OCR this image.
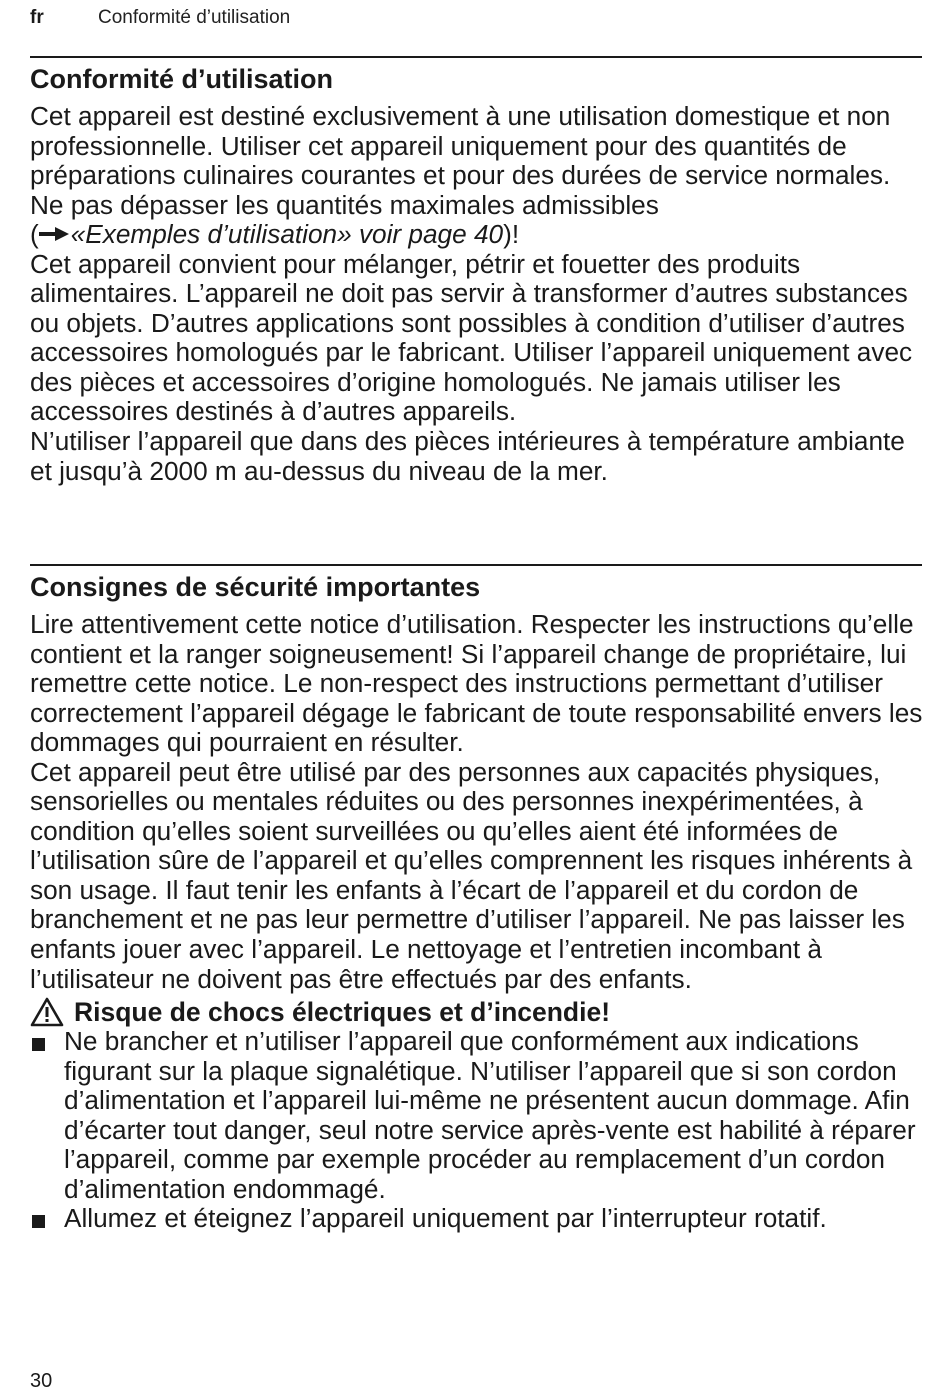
fr	Conformité d’utilisation
Conformité d’utilisation

Cet appareil est destiné exclusivement à une utilisation domestique et non professionnelle. Utiliser cet appareil uniquement pour des quantités de préparations culinaires courantes et pour des durées de service normales.

Ne pas dépasser les quantités maximales admissibles

( «Exemples d’utilisation» voir page 40)!

Cet appareil convient pour mélanger, pétrir et fouetter des produits alimentaires. L’appareil ne doit pas servir à transformer d’autres substances ou objets. D’autres applications sont possibles à condition d’utiliser d’autres accessoires homologués par le fabricant. Utiliser l’appareil uniquement avec des pièces et accessoires d’origine homologués. Ne jamais utiliser les accessoires destinés à d’autres appareils.

N’utiliser l’appareil que dans des pièces intérieures à température ambiante et jusqu’à 2000 m au-dessus du niveau de la mer.

Consignes de sécurité importantes

Lire attentivement cette notice d’utilisation. Respecter les instructions qu’elle contient et la ranger soigneusement! Si l’appareil change de propriétaire, lui remettre cette notice. Le non-respect des instructions permettant d’utiliser correctement l’appareil dégage le fabricant de toute responsabilité envers les dommages qui pourraient en résulter.

Cet appareil peut être utilisé par des personnes aux capacités physiques, sensorielles ou mentales réduites ou des personnes inexpérimentées, à condition qu’elles soient surveillées ou qu’elles aient été informées de l’utilisation sûre de l’appareil et qu’elles comprennent les risques inhérents à son usage. Il faut tenir les enfants à l’écart de l’appareil et du cordon de branchement et ne pas leur permettre d’utiliser l’appareil. Ne pas laisser les enfants jouer avec l’appareil. Le nettoyage et l’entretien incombant à l’utilisateur ne doivent pas être effectués par des enfants.

Risque de chocs électriques et d’incendie!
Ne brancher et n’utiliser l’appareil que conformément aux indications figurant sur la plaque signalétique. N’utiliser l’appareil que si son cordon d’alimentation et l’appareil lui-même ne présentent aucun dommage. Afin d’écarter tout danger, seul notre service après-vente est habilité à réparer l’appareil, comme par exemple procéder au remplacement d’un cordon d’alimentation endommagé.
Allumez et éteignez l’appareil uniquement par l’interrupteur rotatif.
30
